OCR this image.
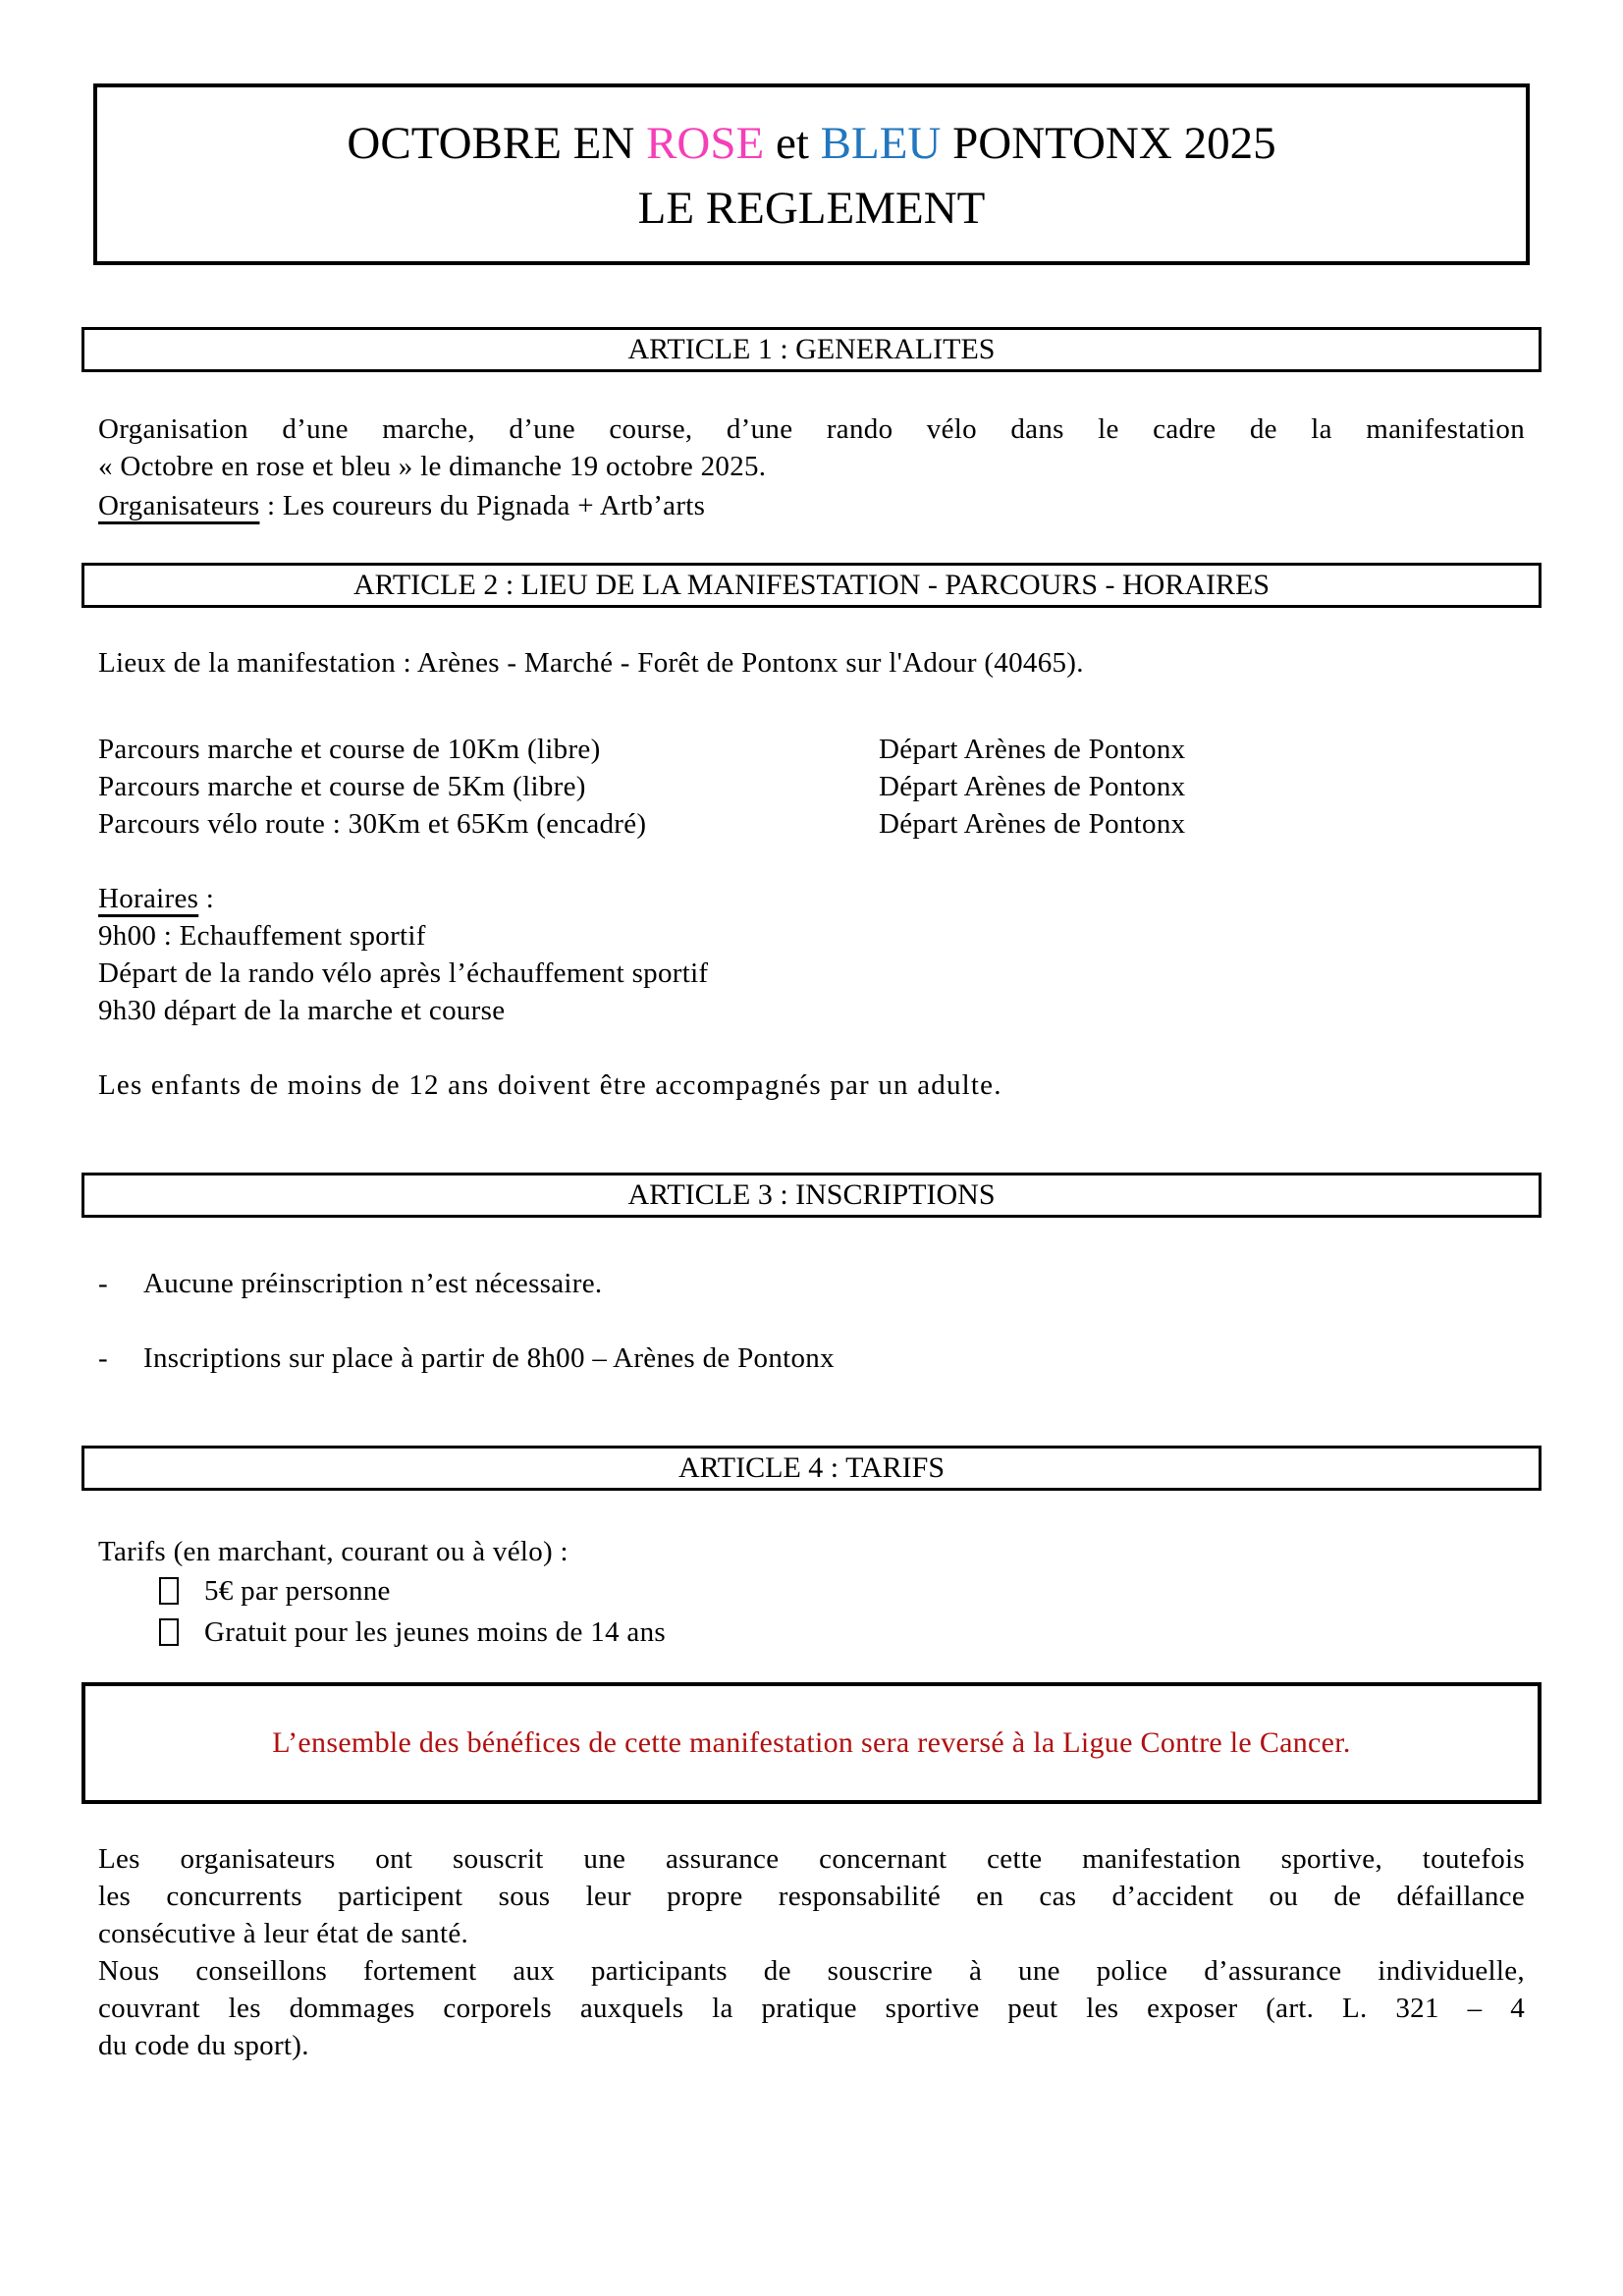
OCTOBRE EN ROSE et BLEU PONTONX 2025
LE REGLEMENT
ARTICLE 1 : GENERALITES
Organisation d’une marche, d’une course, d’une rando vélo dans le cadre de la manifestation
« Octobre en rose et bleu » le dimanche 19 octobre 2025.
Organisateurs : Les coureurs du Pignada + Artb’arts
ARTICLE 2 : LIEU DE LA MANIFESTATION - PARCOURS - HORAIRES
Lieux de la manifestation : Arènes - Marché - Forêt de Pontonx sur l'Adour (40465).
Parcours marche et course de 10Km (libre)	Départ Arènes de Pontonx
Parcours marche et course de 5Km (libre)	Départ Arènes de Pontonx
Parcours vélo route : 30Km et 65Km (encadré)	Départ Arènes de Pontonx
Horaires :
9h00 : Echauffement sportif
Départ de la rando vélo après l’échauffement sportif
9h30 départ de la marche et course
Les enfants de moins de 12 ans doivent être accompagnés par un adulte.
ARTICLE 3 : INSCRIPTIONS
-	Aucune préinscription n’est nécessaire.
-	Inscriptions sur place à partir de 8h00 – Arènes de Pontonx
ARTICLE 4 : TARIFS
Tarifs (en marchant, courant ou à vélo) :
5€ par personne
Gratuit pour les jeunes moins de 14 ans
L’ensemble des bénéfices de cette manifestation sera reversé à la Ligue Contre le Cancer.
Les organisateurs ont souscrit une assurance concernant cette manifestation sportive, toutefois
les concurrents participent sous leur propre responsabilité en cas d’accident ou de défaillance
consécutive à leur état de santé.
Nous conseillons fortement aux participants de souscrire à une police d’assurance individuelle,
couvrant les dommages corporels auxquels la pratique sportive peut les exposer (art. L. 321 – 4
du code du sport).
